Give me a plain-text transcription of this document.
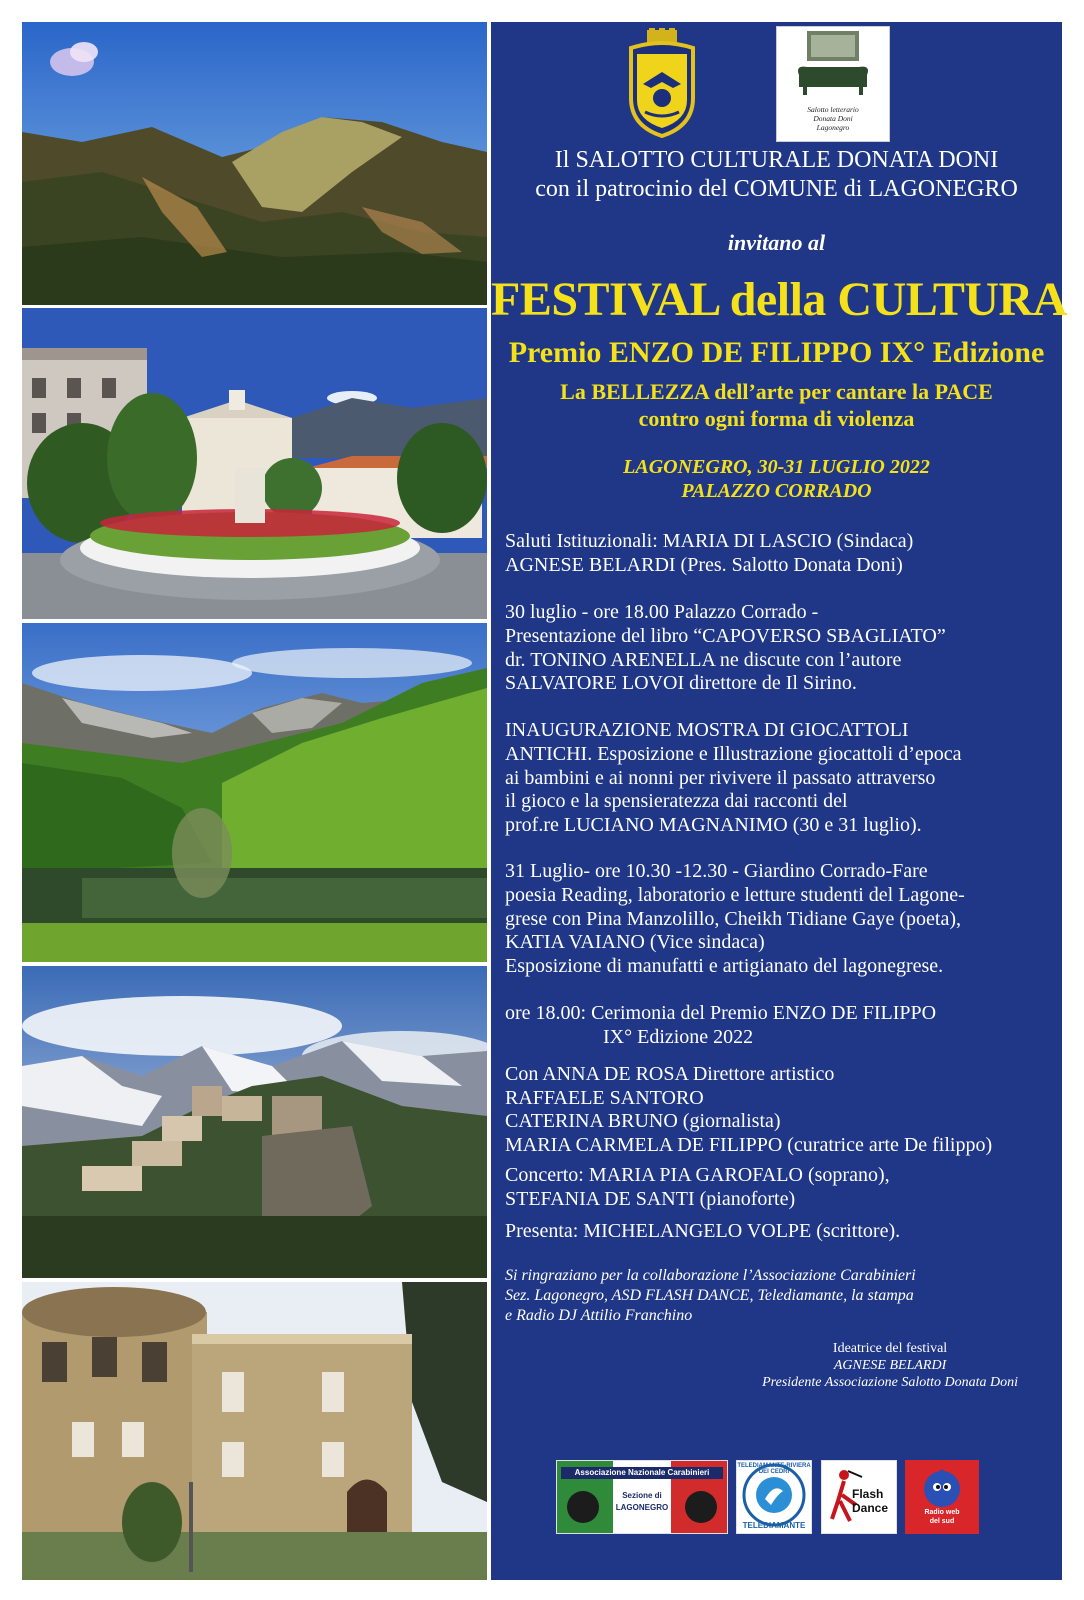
Salotto letterario
Donata Doni
Lagonegro
Il SALOTTO CULTURALE DONATA DONI
con il patrocinio del COMUNE di LAGONEGRO
invitano al
FESTIVAL della CULTURA
Premio ENZO DE FILIPPO IX° Edizione
La BELLEZZA dell’arte per cantare la PACE
contro ogni forma di violenza
LAGONEGRO, 30-31 LUGLIO 2022
PALAZZO CORRADO
Saluti Istituzionali: MARIA DI LASCIO (Sindaca)
AGNESE BELARDI (Pres. Salotto Donata Doni)
30 luglio - ore 18.00 Palazzo Corrado -
Presentazione del libro “CAPOVERSO SBAGLIATO”
dr. TONINO ARENELLA ne discute con l’autore
SALVATORE LOVOI direttore de Il Sirino.
INAUGURAZIONE MOSTRA DI GIOCATTOLI
ANTICHI. Esposizione e Illustrazione giocattoli d’epoca
ai bambini e ai nonni per rivivere il passato attraverso
il gioco e la spensieratezza dai racconti del
prof.re LUCIANO MAGNANIMO (30 e 31 luglio).
31 Luglio- ore 10.30 -12.30 - Giardino Corrado-Fare
poesia Reading, laboratorio e letture studenti del Lagone-
grese con Pina Manzolillo, Cheikh Tidiane Gaye (poeta),
KATIA VAIANO (Vice sindaca)
Esposizione di manufatti e artigianato del lagonegrese.
ore 18.00: Cerimonia del Premio ENZO DE FILIPPO
IX° Edizione 2022
Con ANNA DE ROSA Direttore artistico
RAFFAELE SANTORO
CATERINA BRUNO (giornalista)
MARIA CARMELA DE FILIPPO (curatrice arte De filippo)
Concerto: MARIA PIA GAROFALO (soprano),
STEFANIA DE SANTI (pianoforte)
Presenta: MICHELANGELO VOLPE (scrittore).
Si ringraziano per la collaborazione l’Associazione Carabinieri
Sez. Lagonegro, ASD FLASH DANCE, Telediamante, la stampa
e Radio DJ Attilio Franchino
Ideatrice del festival
AGNESE BELARDI
Presidente Associazione Salotto Donata Doni
Associazione Nazionale Carabinieri
Sezione di
LAGONEGRO
TELEDIAMANTE-RIVIERA DEI CEDRI
TELEDIAMANTE
Flash
Dance	Radio web
del sud
